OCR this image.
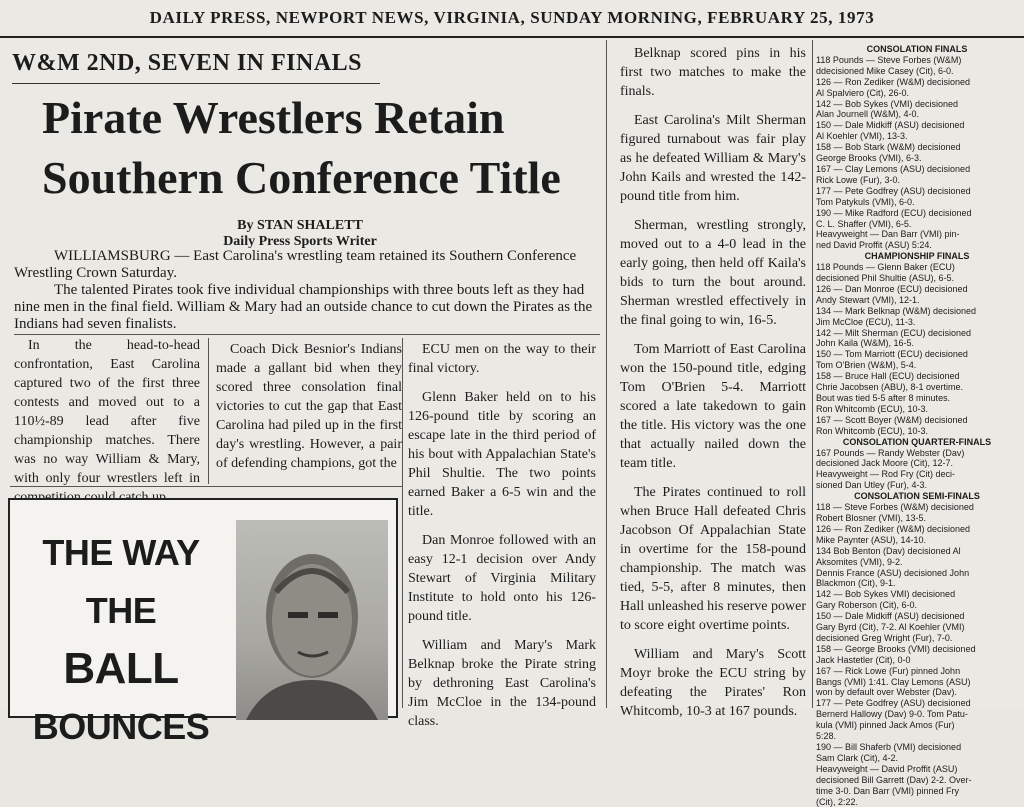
DAILY PRESS, NEWPORT NEWS, VIRGINIA, SUNDAY MORNING, FEBRUARY 25, 1973
W&M 2ND, SEVEN IN FINALS
Pirate Wrestlers Retain
Southern Conference Title
By STAN SHALETT
Daily Press Sports Writer

WILLIAMSBURG — East Carolina's wrestling team retained its Southern Conference Wrestling Crown Saturday.

The talented Pirates took five individual championships with three bouts left as they had nine men in the final field. William & Mary had an outside chance to cut down the Pirates as the Indians had seven finalists.

In the head-to-head confrontation, East Carolina captured two of the first three contests and moved out to a 110½-89 lead after five championship matches. There was no way William & Mary, with only four wrestlers left in

Coach Dick Besnior's Indians made a gallant bid when they scored three consolation final victories to cut the gap that East Carolina had piled up in the first day's wrestling. However, a pair of defending champions, got the

ECU men on the way to their final victory.

Glenn Baker held on to his 126-pound title by scoring an escape late in the third period of his bout with Appalachian State's Phil Shultie. The two points earned Baker a 6-5 win and the title.

Dan Monroe followed with an easy 12-1 decision over Andy Stewart of Virginia Military Institute to hold onto his 126-pound title.

William and Mary's Mark Belknap broke the Pirate string by dethroning East Carolina's Jim McCloe in the 134-pound class.

THE WAY THE
BALL
BOUNCES

Belknap scored pins in his first two matches to make the finals.

East Carolina's Milt Sherman figured turnabout was fair play as he defeated William & Mary's John Kails and wrested the 142-pound title from him.

Sherman, wrestling strongly, moved out to a 4-0 lead in the early going, then held off Kaila's bids to turn the bout around. Sherman wrestled effectively in the final going to win, 16-5.

Tom Marriott of East Carolina won the 150-pound title, edging Tom O'Brien 5-4. Marriott scored a late takedown to gain the title. His victory was the one that actually nailed down the team title.

The Pirates continued to roll when Bruce Hall defeated Chris Jacobson Of Appalachian State in overtime for the 158-pound championship. The match was tied, 5-5, after 8 minutes, then Hall unleashed his reserve power to score eight overtime points.

William and Mary's Scott Moyr broke the ECU string by defeating the Pirates' Ron Whitcomb, 10-3 at 167 pounds.

CONSOLATION FINALS
118 Pounds — Steve Forbes (W&M)
ddecisioned Mike Casey (Cit), 6-0.
126 — Ron Zediker (W&M) decisioned
Al Spalviero (Cit), 26-0.
142 — Bob Sykes (VMI) decisioned
Alan Journell (W&M), 4-0.
150 — Dale Midkiff (ASU) decisioned
Al Koehler (VMI), 13-3.
158 — Bob Stark (W&M) decisioned
George Brooks (VMI), 6-3.
167 — Clay Lemons (ASU) decisioned
Rick Lowe (Fur), 3-0.
177 — Pete Godfrey (ASU) decisioned
Tom Patykuls (VMI), 6-0.
190 — Mike Radford (ECU) decisioned
C. L. Shaffer (VMI), 6-5.
Heavyweight — Dan Barr (VMI) pin-
ned David Proffit (ASU) 5:24.
CHAMPIONSHIP FINALS
118 Pounds — Glenn Baker (ECU)
decisioned Phil Shultie (ASU), 6-5.
126 — Dan Monroe (ECU) decisioned
Andy Stewart (VMI), 12-1.
134 — Mark Belknap (W&M) decisioned
Jim McCloe (ECU), 11-3.
142 — Milt Sherman (ECU) decisioned
John Kaila (W&M), 16-5.
150 — Tom Marriott (ECU) decisioned
Tom O'Brien (W&M), 5-4.
158 — Bruce Hall (ECU) decisioned
Chrie Jacobsen (ABU), 8-1 overtime.
Bout was tied 5-5 after 8 minutes.
Ron Whitcomb (ECU), 10-3.
167 — Scott Boyer (W&M) decisioned
Ron Whitcomb (ECU), 10-3.
CONSOLATION QUARTER-FINALS
167 Pounds — Randy Webster (Dav)
decisioned Jack Moore (Cit), 12-7.
Heavyweight — Rod Fry (Cit) deci-
sioned Dan Utley (Fur), 4-3.
CONSOLATION SEMI-FINALS
118 — Steve Forbes (W&M) decisioned
Robert Blosner (VMI), 13-5.
126 — Ron Zediker (W&M) decisioned
Mike Paynter (ASU), 14-10.
134 Bob Benton (Dav) decisioned Al
Aksomites (VMI), 9-2.
Dennis France (ASU) decisioned John
Blackmon (Cit), 9-1.
142 — Bob Sykes VMI) decisioned
Gary Roberson (Cit), 6-0.
150 — Dale Midkiff (ASU) decisioned
Gary Byrd (Cit), 7-2. Al Koehler (VMI)
decisioned Greg Wright (Fur), 7-0.
158 — George Brooks (VMI) decisioned
Jack Hastetler (Cit), 0-0
167 — Rick Lowe (Fur) pinned John
Bangs (VMI) 1:41. Clay Lemons (ASU)
won by default over Webster (Dav).
177 — Pete Godfrey (ASU) decisioned
Bernerd Hallowy (Dav) 9-0. Tom Patu-
kula (VMI) pinned Jack Amos (Fur)
5:28.
190 — Bill Shaferb (VMI) decisioned
Sam Clark (Cit), 4-2.
Heavyweight — David Proffit (ASU)
decisioned Bill Garrett (Dav) 2-2. Over-
time 3-0. Dan Barr (VMI) pinned Fry
(Cit), 2:22.
